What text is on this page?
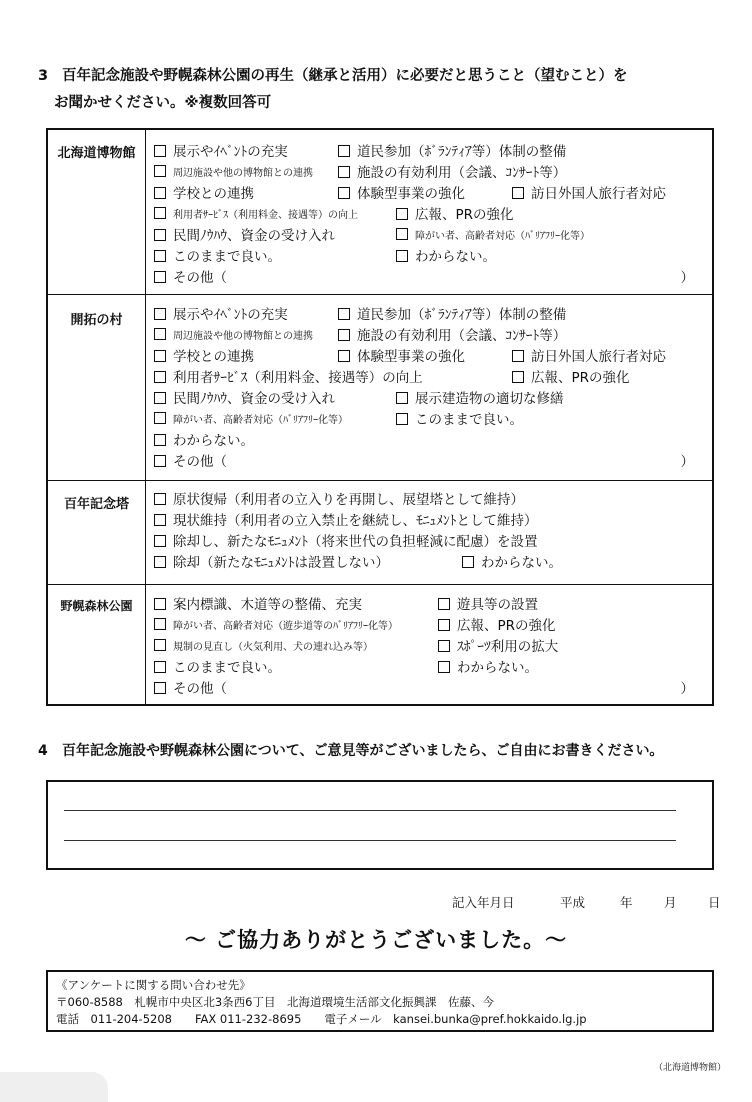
3 百年記念施設や野幌森林公園の再生（継承と活用）に必要だと思うこと（望むこと）を
お聞かせください。※複数回答可
北海道博物館	展示やｲﾍﾞﾝﾄの充実	道民参加（ﾎﾞﾗﾝﾃｨｱ等）体制の整備
周辺施設や他の博物館との連携	施設の有効利用（会議、ｺﾝｻｰﾄ等）
学校との連携	体験型事業の強化	訪日外国人旅行者対応
利用者ｻｰﾋﾞｽ（利用料金、接遇等）の向上	広報、PRの強化
民間ﾉｳﾊｳ、資金の受け入れ	障がい者、高齢者対応（ﾊﾞﾘｱﾌﾘｰ化等）
このままで良い。	わからない。
その他（	）
開拓の村	展示やｲﾍﾞﾝﾄの充実	道民参加（ﾎﾞﾗﾝﾃｨｱ等）体制の整備
周辺施設や他の博物館との連携	施設の有効利用（会議、ｺﾝｻｰﾄ等）
学校との連携	体験型事業の強化	訪日外国人旅行者対応
利用者ｻｰﾋﾞｽ（利用料金、接遇等）の向上	広報、PRの強化
民間ﾉｳﾊｳ、資金の受け入れ	展示建造物の適切な修繕
障がい者、高齢者対応（ﾊﾞﾘｱﾌﾘｰ化等）	このままで良い。
わからない。
その他（	）
百年記念塔	原状復帰（利用者の立入りを再開し、展望塔として維持）
現状維持（利用者の立入禁止を継続し、ﾓﾆｭﾒﾝﾄとして維持）
除却し、新たなﾓﾆｭﾒﾝﾄ（将来世代の負担軽減に配慮）を設置
除却（新たなﾓﾆｭﾒﾝﾄは設置しない）	わからない。
野幌森林公園	案内標識、木道等の整備、充実	遊具等の設置
障がい者、高齢者対応（遊歩道等のﾊﾞﾘｱﾌﾘｰ化等）	広報、PRの強化
規制の見直し（火気利用、犬の連れ込み等）	ｽﾎﾟｰﾂ利用の拡大
このままで良い。	わからない。
その他（	）
4 百年記念施設や野幌森林公園について、ご意見等がございましたら、ご自由にお書きください。
記入年月日	平成	年	月	日
～ ご協力ありがとうございました。～
《アンケートに関する問い合わせ先》
〒060-8588　札幌市中央区北3条西6丁目　北海道環境生活部文化振興課　佐藤、今
電話　011-204-5208　　FAX 011-232-8695　　電子メール　kansei.bunka@pref.hokkaido.lg.jp
（北海道博物館）
